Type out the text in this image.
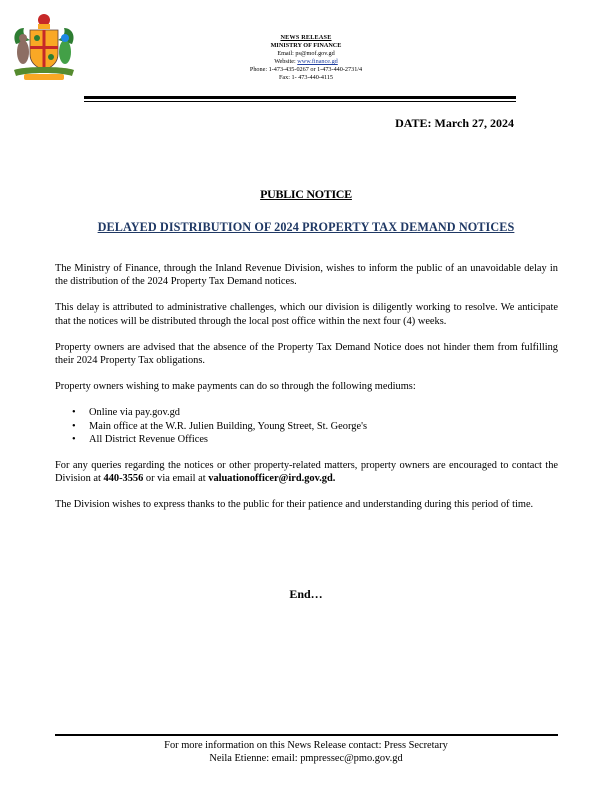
NEWS RELEASE
MINISTRY OF FINANCE
Email: ps@mof.gov.gd
Website: www.finance.gd
Phone: 1-473-435-0267 or 1-473-440-2731/4
Fax: 1- 473-440-4115
DATE: March 27, 2024
PUBLIC NOTICE
DELAYED DISTRIBUTION OF 2024 PROPERTY TAX DEMAND NOTICES

The Ministry of Finance, through the Inland Revenue Division, wishes to inform the public of an unavoidable delay in the distribution of the 2024 Property Tax Demand notices.

This delay is attributed to administrative challenges, which our division is diligently working to resolve. We anticipate that the notices will be distributed through the local post office within the next four (4) weeks.

Property owners are advised that the absence of the Property Tax Demand Notice does not hinder them from fulfilling their 2024 Property Tax obligations.

Property owners wishing to make payments can do so through the following mediums:

• Online via pay.gov.gd
• Main office at the W.R. Julien Building, Young Street, St. George's
• All District Revenue Offices

For any queries regarding the notices or other property-related matters, property owners are encouraged to contact the Division at 440-3556 or via email at valuationofficer@ird.gov.gd.

The Division wishes to express thanks to the public for their patience and understanding during this period of time.

End…
For more information on this News Release contact: Press Secretary
Neila Etienne: email: pmpressec@pmo.gov.gd
